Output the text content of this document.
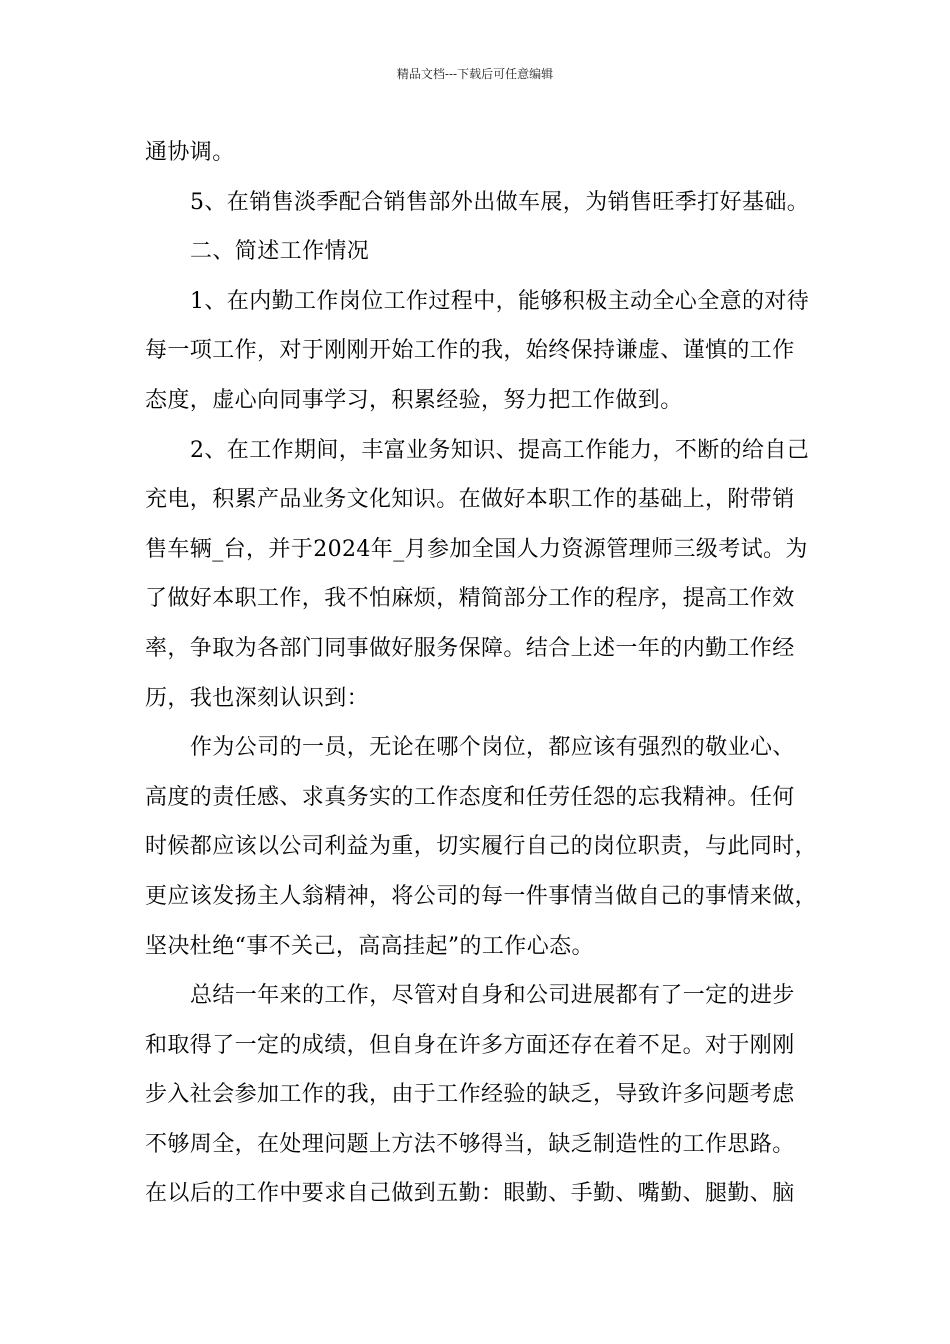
精品文档---下载后可任意编辑
通协调。
5、在销售淡季配合销售部外出做车展，为销售旺季打好基础。
二、简述工作情况
1、在内勤工作岗位工作过程中，能够积极主动全心全意的对待
每一项工作，对于刚刚开始工作的我，始终保持谦虚、谨慎的工作
态度，虚心向同事学习，积累经验，努力把工作做到。
2、在工作期间，丰富业务知识、提高工作能力，不断的给自己
充电，积累产品业务文化知识。在做好本职工作的基础上，附带销
售车辆_台，并于2024年_月参加全国人力资源管理师三级考试。为
了做好本职工作，我不怕麻烦，精简部分工作的程序，提高工作效
率，争取为各部门同事做好服务保障。结合上述一年的内勤工作经
历，我也深刻认识到：
作为公司的一员，无论在哪个岗位，都应该有强烈的敬业心、
高度的责任感、求真务实的工作态度和任劳任怨的忘我精神。任何
时候都应该以公司利益为重，切实履行自己的岗位职责，与此同时，
更应该发扬主人翁精神，将公司的每一件事情当做自己的事情来做，
坚决杜绝“事不关己，高高挂起”的工作心态。
总结一年来的工作，尽管对自身和公司进展都有了一定的进步
和取得了一定的成绩，但自身在许多方面还存在着不足。对于刚刚
步入社会参加工作的我，由于工作经验的缺乏，导致许多问题考虑
不够周全，在处理问题上方法不够得当，缺乏制造性的工作思路。
在以后的工作中要求自己做到五勤：眼勤、手勤、嘴勤、腿勤、脑
